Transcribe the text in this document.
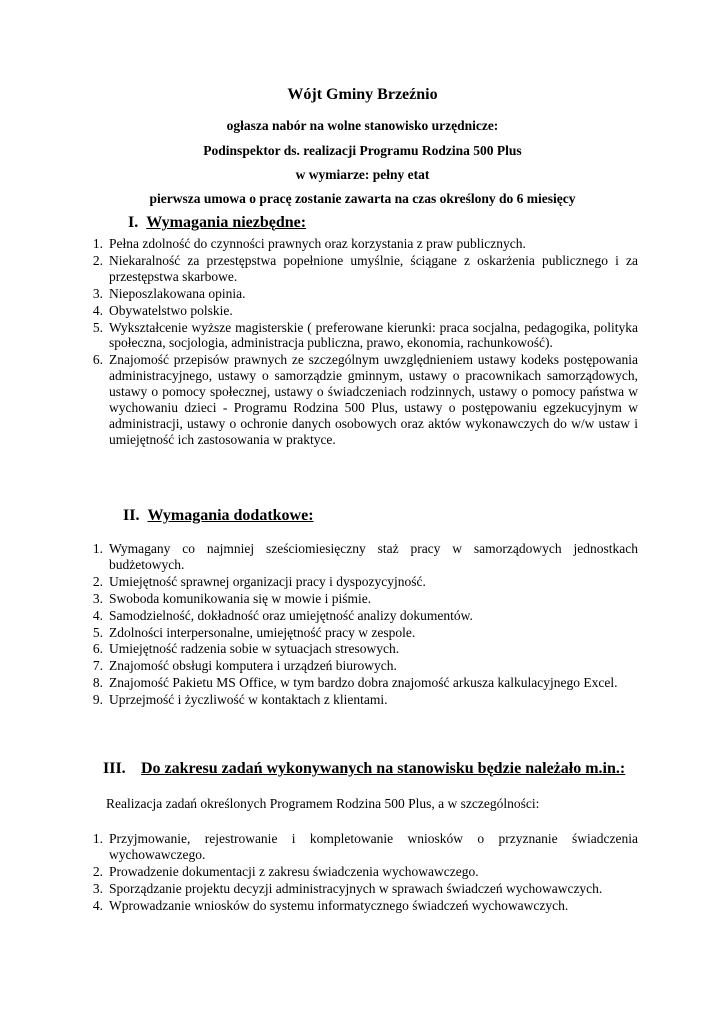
Wójt Gminy Brzeźnio
ogłasza nabór na wolne stanowisko urzędnicze:
Podinspektor ds. realizacji Programu Rodzina 500 Plus
w wymiarze: pełny etat
pierwsza umowa o pracę zostanie zawarta na czas określony do 6 miesięcy
I. Wymagania niezbędne:
1. Pełna zdolność do czynności prawnych oraz korzystania z praw publicznych.
2. Niekaralność za przestępstwa popełnione umyślnie, ściągane z oskarżenia publicznego i za przestępstwa skarbowe.
3. Nieposzlakowana opinia.
4. Obywatelstwo polskie.
5. Wykształcenie wyższe magisterskie ( preferowane kierunki: praca socjalna, pedagogika, polityka społeczna, socjologia, administracja publiczna, prawo, ekonomia, rachunkowość).
6. Znajomość przepisów prawnych ze szczególnym uwzględnieniem ustawy kodeks postępowania administracyjnego, ustawy o samorządzie gminnym, ustawy o pracownikach samorządowych, ustawy o pomocy społecznej, ustawy o świadczeniach rodzinnych, ustawy o pomocy państwa w wychowaniu dzieci - Programu Rodzina 500 Plus, ustawy o postępowaniu egzekucyjnym w administracji, ustawy o ochronie danych osobowych oraz aktów wykonawczych do w/w ustaw i umiejętność ich zastosowania w praktyce.
II. Wymagania dodatkowe:
1. Wymagany co najmniej sześciomiesięczny staż pracy w samorządowych jednostkach budżetowych.
2. Umiejętność sprawnej organizacji pracy i dyspozycyjność.
3. Swoboda komunikowania się w mowie i piśmie.
4. Samodzielność, dokładność oraz umiejętność analizy dokumentów.
5. Zdolności interpersonalne, umiejętność pracy w zespole.
6. Umiejętność radzenia sobie w sytuacjach stresowych.
7. Znajomość obsługi komputera i urządzeń biurowych.
8. Znajomość Pakietu MS Office, w tym bardzo dobra znajomość arkusza kalkulacyjnego Excel.
9. Uprzejmość i życzliwość w kontaktach z klientami.
III. Do zakresu zadań wykonywanych na stanowisku będzie należało m.in.:
Realizacja zadań określonych Programem Rodzina 500 Plus, a w szczególności:
1. Przyjmowanie, rejestrowanie i kompletowanie wniosków o przyznanie świadczenia wychowawczego.
2. Prowadzenie dokumentacji z zakresu świadczenia wychowawczego.
3. Sporządzanie projektu decyzji administracyjnych w sprawach świadczeń wychowawczych.
4. Wprowadzanie wniosków do systemu informatycznego świadczeń wychowawczych.
